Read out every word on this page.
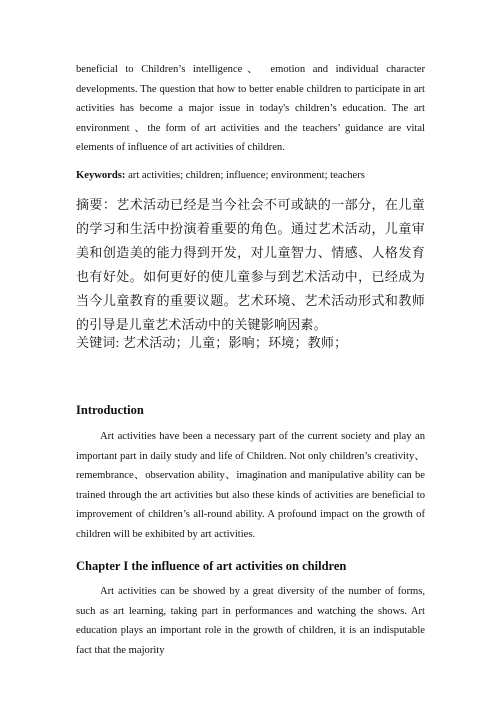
beneficial to Children’s intelligence、 emotion and individual character developments. The question that how to better enable children to participate in art activities has become a major issue in today's children’s education. The art environment 、the form of art activities and the teachers’ guidance are vital elements of influence of art activities of children.

Keywords: art activities; children; influence; environment; teachers

摘要：艺术活动已经是当今社会不可或缺的一部分，在儿童的学习和生活中扮演着重要的角色。通过艺术活动，儿童审美和创造美的能力得到开发，对儿童智力、情感、人格发育也有好处。如何更好的使儿童参与到艺术活动中，已经成为当今儿童教育的重要议题。艺术环境、艺术活动形式和教师的引导是儿童艺术活动中的关键影响因素。

关键词: 艺术活动；儿童；影响；环境；教师；

Introduction

Art activities have been a necessary part of the current society and play an important part in daily study and life of Children. Not only children’s creativity、remembrance、observation ability、imagination and manipulative ability can be trained through the art activities but also these kinds of activities are beneficial to improvement of children’s all-round ability. A profound impact on the growth of children will be exhibited by art activities.

Chapter I the influence of art activities on children

Art activities can be showed by a great diversity of the number of forms, such as art learning, taking part in performances and watching the shows. Art education plays an important role in the growth of children, it is an indisputable fact that the majority
